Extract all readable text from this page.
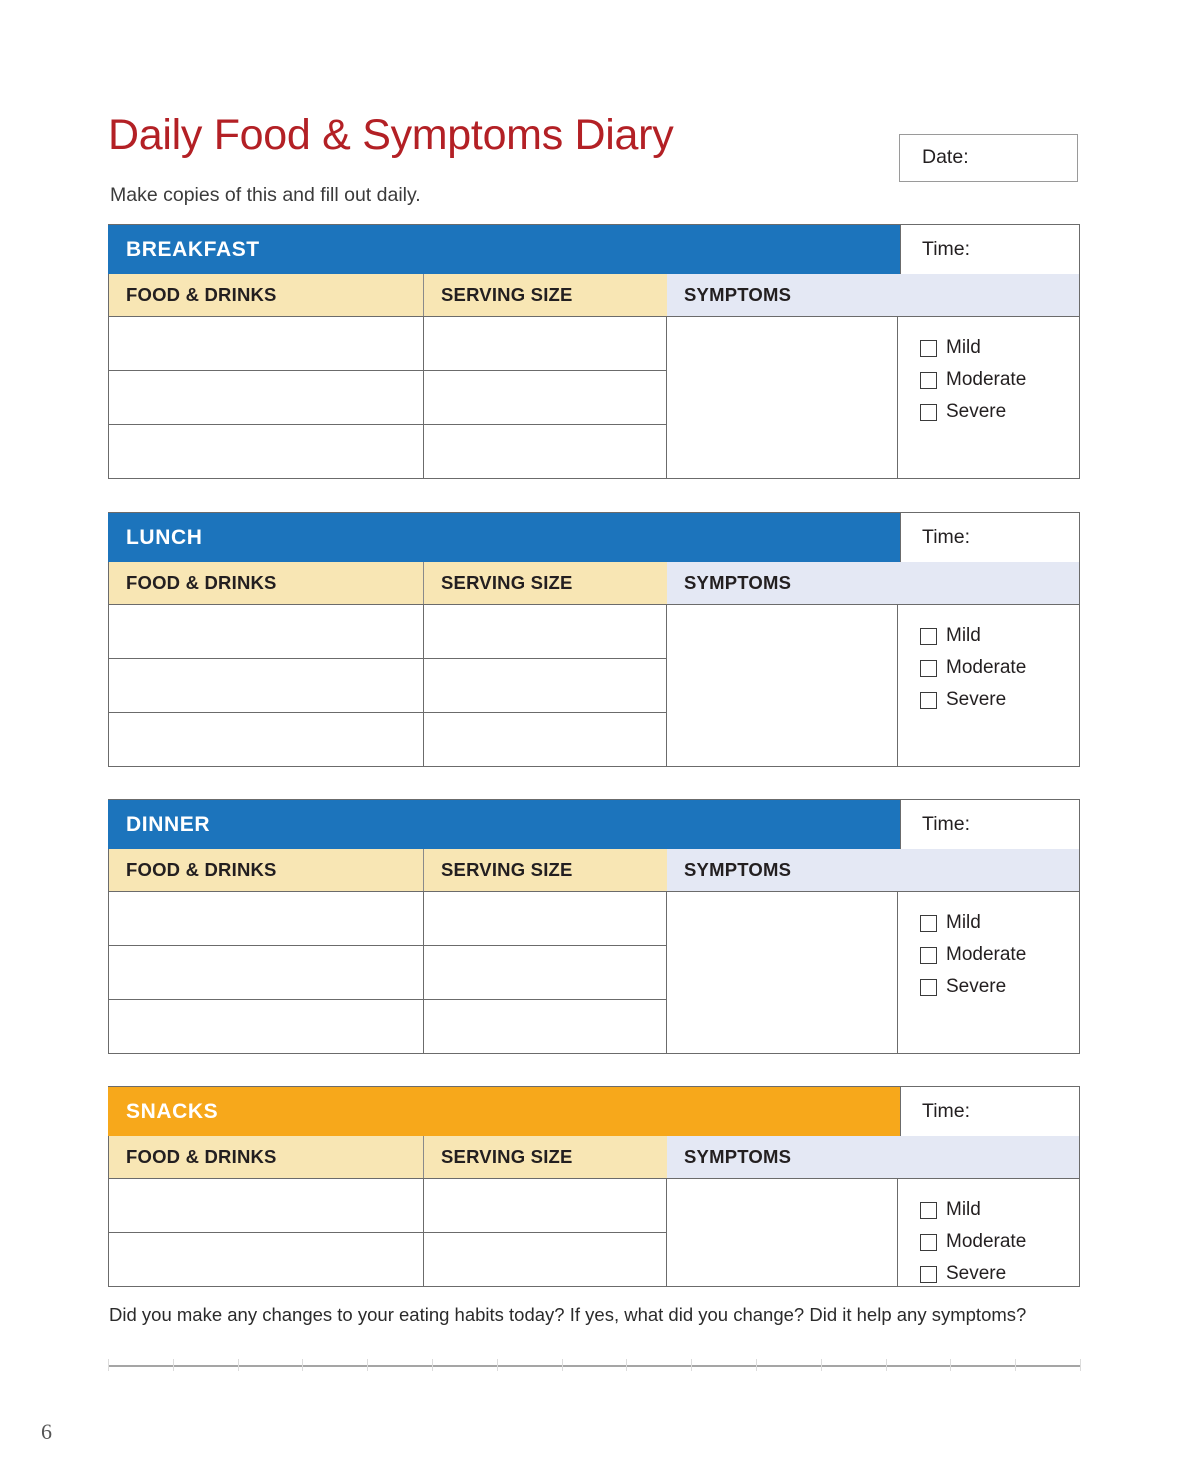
Daily Food & Symptoms Diary
Make copies of this and fill out daily.
Date:
BREAKFAST	Time:
FOOD & DRINKS	SERVING SIZE	SYMPTOMS
Mild
Moderate
Severe
LUNCH	Time:
FOOD & DRINKS	SERVING SIZE	SYMPTOMS
Mild
Moderate
Severe
DINNER	Time:
FOOD & DRINKS	SERVING SIZE	SYMPTOMS
Mild
Moderate
Severe
SNACKS	Time:
FOOD & DRINKS	SERVING SIZE	SYMPTOMS
Mild
Moderate
Severe
Did you make any changes to your eating habits today? If yes, what did you change? Did it help any symptoms?
6
